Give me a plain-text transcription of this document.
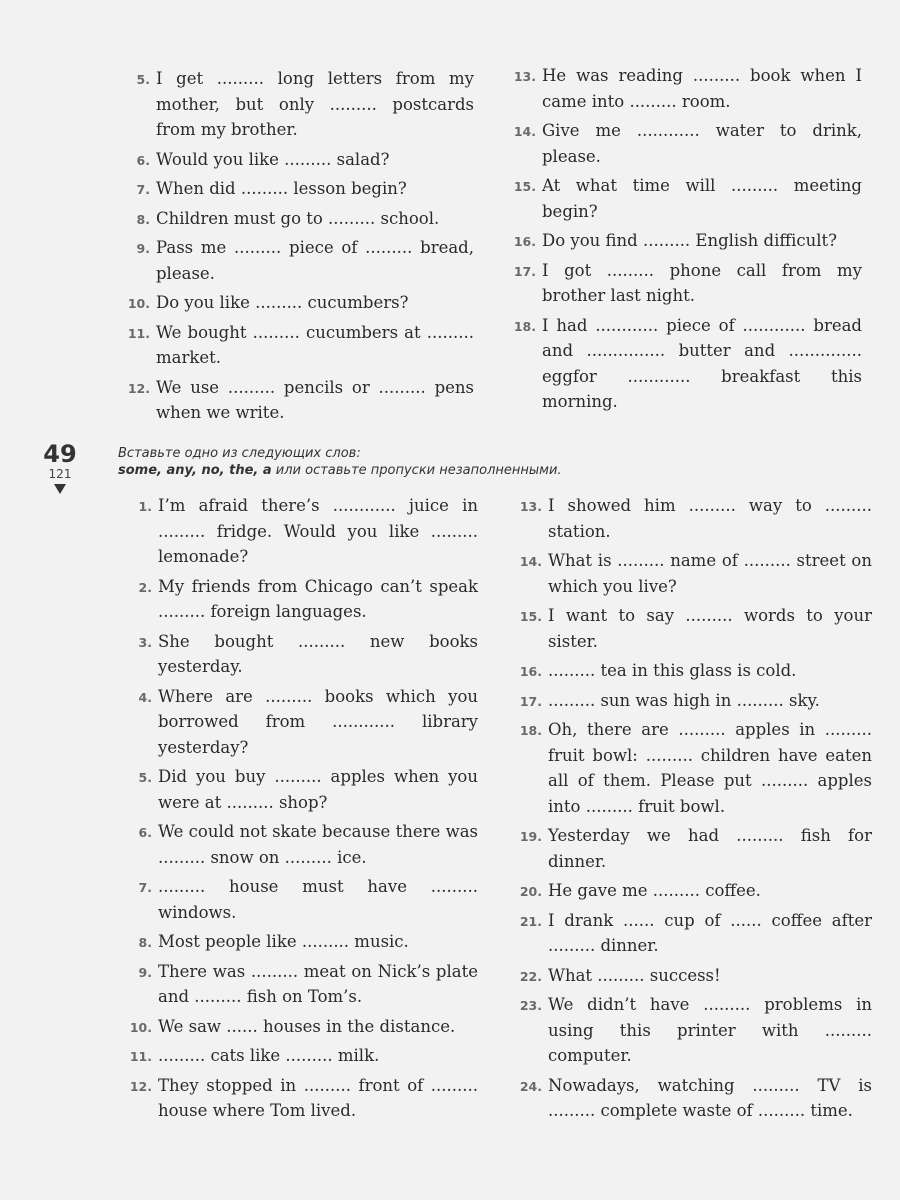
5. I get ......... long letters from my mother, but only ......... postcards from my brother.
6. Would you like ......... salad?
7. When did ......... lesson begin?
8. Children must go to ......... school.
9. Pass me ......... piece of ......... bread, please.
10. Do you like ......... cucumbers?
11. We bought ......... cucumbers at ......... market.
12. We use ......... pencils or ......... pens when we write.
13. He was reading ......... book when I came into ......... room.
14. Give me ............ water to drink, please.
15. At what time will ......... meeting begin?
16. Do you find ......... English difficult?
17. I got ......... phone call from my brother last night.
18. I had ............ piece of ............ bread and ............... butter and .............. eggfor ............ breakfast this morning.
49
121
Вставьте одно из следующих слов:
some, any, no, the, a или оставьте пропуски незаполненными.
1. I’m afraid there’s ............ juice in ......... fridge. Would you like ......... lemonade?
2. My friends from Chicago can’t speak ......... foreign languages.
3. She bought ......... new books yesterday.
4. Where are ......... books which you borrowed from ............ library yesterday?
5. Did you buy ......... apples when you were at ......... shop?
6. We could not skate because there was ......... snow on ......... ice.
7. ......... house must have ......... windows.
8. Most people like ......... music.
9. There was ......... meat on Nick’s plate and ......... fish on Tom’s.
10. We saw ...... houses in the distance.
11. ......... cats like ......... milk.
12. They stopped in ......... front of ......... house where Tom lived.
13. I showed him ......... way to ......... station.
14. What is ......... name of ......... street on which you live?
15. I want to say ......... words to your sister.
16. ......... tea in this glass is cold.
17. ......... sun was high in ......... sky.
18. Oh, there are ......... apples in ......... fruit bowl: ......... children have eaten all of them. Please put ......... apples into ......... fruit bowl.
19. Yesterday we had ......... fish for dinner.
20. He gave me ......... coffee.
21. I drank ...... cup of ...... coffee after ......... dinner.
22. What ......... success!
23. We didn’t have ......... problems in using this printer with ......... computer.
24. Nowadays, watching ......... TV is ......... complete waste of ......... time.
